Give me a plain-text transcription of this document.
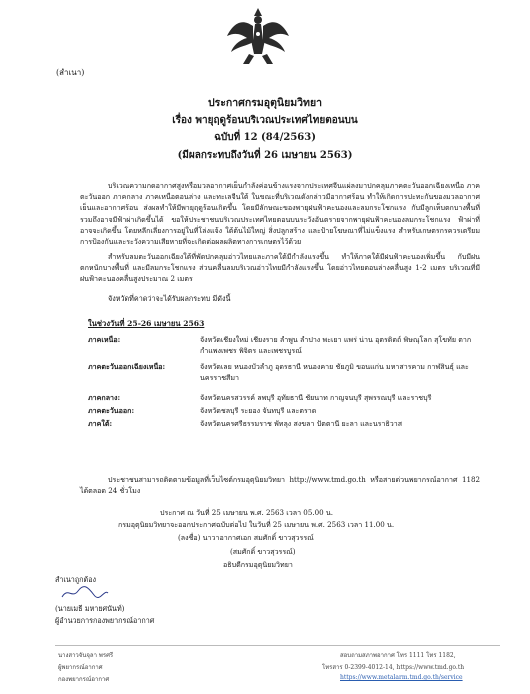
(สำเนา)
ประกาศกรมอุตุนิยมวิทยา
เรื่อง พายุฤดูร้อนบริเวณประเทศไทยตอนบน
ฉบับที่ 12 (84/2563)
(มีผลกระทบถึงวันที่ 26 เมษายน 2563)
บริเวณความกดอากาศสูงหรือมวลอากาศเย็นกำลังค่อนข้างแรงจากประเทศจีนแผ่ลงมาปกคลุมภาคตะวันออกเฉียงเหนือ ภาคตะวันออก ภาคกลาง ภาคเหนือตอนล่าง และทะเลจีนใต้ ในขณะที่บริเวณดังกล่าวมีอากาศร้อน ทำให้เกิดการปะทะกันของมวลอากาศเย็นและอากาศร้อน ส่งผลทำให้มีพายุฤดูร้อนเกิดขึ้น โดยมีลักษณะของพายุฝนฟ้าคะนองและลมกระโชกแรง กับมีลูกเห็บตกบางพื้นที่ รวมถึงอาจมีฟ้าผ่าเกิดขึ้นได้ ขอให้ประชาชนบริเวณประเทศไทยตอนบนระวังอันตรายจากพายุฝนฟ้าคะนองลมกระโชกแรง ฟ้าผ่าที่อาจจะเกิดขึ้น โดยหลีกเลี่ยงการอยู่ในที่โล่งแจ้ง ใต้ต้นไม้ใหญ่ สิ่งปลูกสร้าง และป้ายโฆษณาที่ไม่แข็งแรง สำหรับเกษตรกรควรเตรียมการป้องกันและระวังความเสียหายที่จะเกิดต่อผลผลิตทางการเกษตรไว้ด้วย
สำหรับลมตะวันออกเฉียงใต้ที่พัดปกคลุมอ่าวไทยและภาคใต้มีกำลังแรงขึ้น ทำให้ภาคใต้มีฝนฟ้าคะนองเพิ่มขึ้น กับมีฝนตกหนักบางพื้นที่ และมีลมกระโชกแรง ส่วนคลื่นลมบริเวณอ่าวไทยมีกำลังแรงขึ้น โดยอ่าวไทยตอนล่างคลื่นสูง 1-2 เมตร บริเวณที่มีฝนฟ้าคะนองคลื่นสูงประมาณ 2 เมตร
จังหวัดที่คาดว่าจะได้รับผลกระทบ มีดังนี้
ในช่วงวันที่ 25-26 เมษายน 2563
ภาคเหนือ:	จังหวัดเชียงใหม่ เชียงราย ลำพูน ลำปาง พะเยา แพร่ น่าน อุตรดิตถ์ พิษณุโลก สุโขทัย ตาก กำแพงเพชร พิจิตร และเพชรบูรณ์
ภาคตะวันออกเฉียงเหนือ:	จังหวัดเลย หนองบัวลำภู อุดรธานี หนองคาย ชัยภูมิ ขอนแก่น มหาสารคาม กาฬสินธุ์ และนครราชสีมา
ภาคกลาง:	จังหวัดนครสวรรค์ ลพบุรี อุทัยธานี ชัยนาท กาญจนบุรี สุพรรณบุรี และราชบุรี
ภาคตะวันออก:	จังหวัดชลบุรี ระยอง จันทบุรี และตราด
ภาคใต้:	จังหวัดนครศรีธรรมราช พัทลุง สงขลา ปัตตานี ยะลา และนราธิวาส
ประชาชนสามารถติดตามข้อมูลที่เว็บไซต์กรมอุตุนิยมวิทยา http://www.tmd.go.th หรือสายด่วนพยากรณ์อากาศ 1182 ได้ตลอด 24 ชั่วโมง
ประกาศ ณ วันที่ 25 เมษายน พ.ศ. 2563 เวลา 05.00 น.
กรมอุตุนิยมวิทยาจะออกประกาศฉบับต่อไป ในวันที่ 25 เมษายน พ.ศ. 2563 เวลา 11.00 น.
(ลงชื่อ) นาวาอากาศเอก สมศักดิ์ ขาวสุวรรณ์
(สมศักดิ์ ขาวสุวรรณ์)
อธิบดีกรมอุตุนิยมวิทยา
สำเนาถูกต้อง
(นายเมธี มหายศนันท์)
ผู้อำนวยการกองพยากรณ์อากาศ
นางสาวจันจุลา พรศรี
ผู้พยากรณ์อากาศ
กองพยากรณ์อากาศ
สอบถามสภาพอากาศ โทร 1111 โทร 1182,
โทรสาร 0-2399-4012-14, https://www.tmd.go.th
https://www.metalarm.tmd.go.th/service
